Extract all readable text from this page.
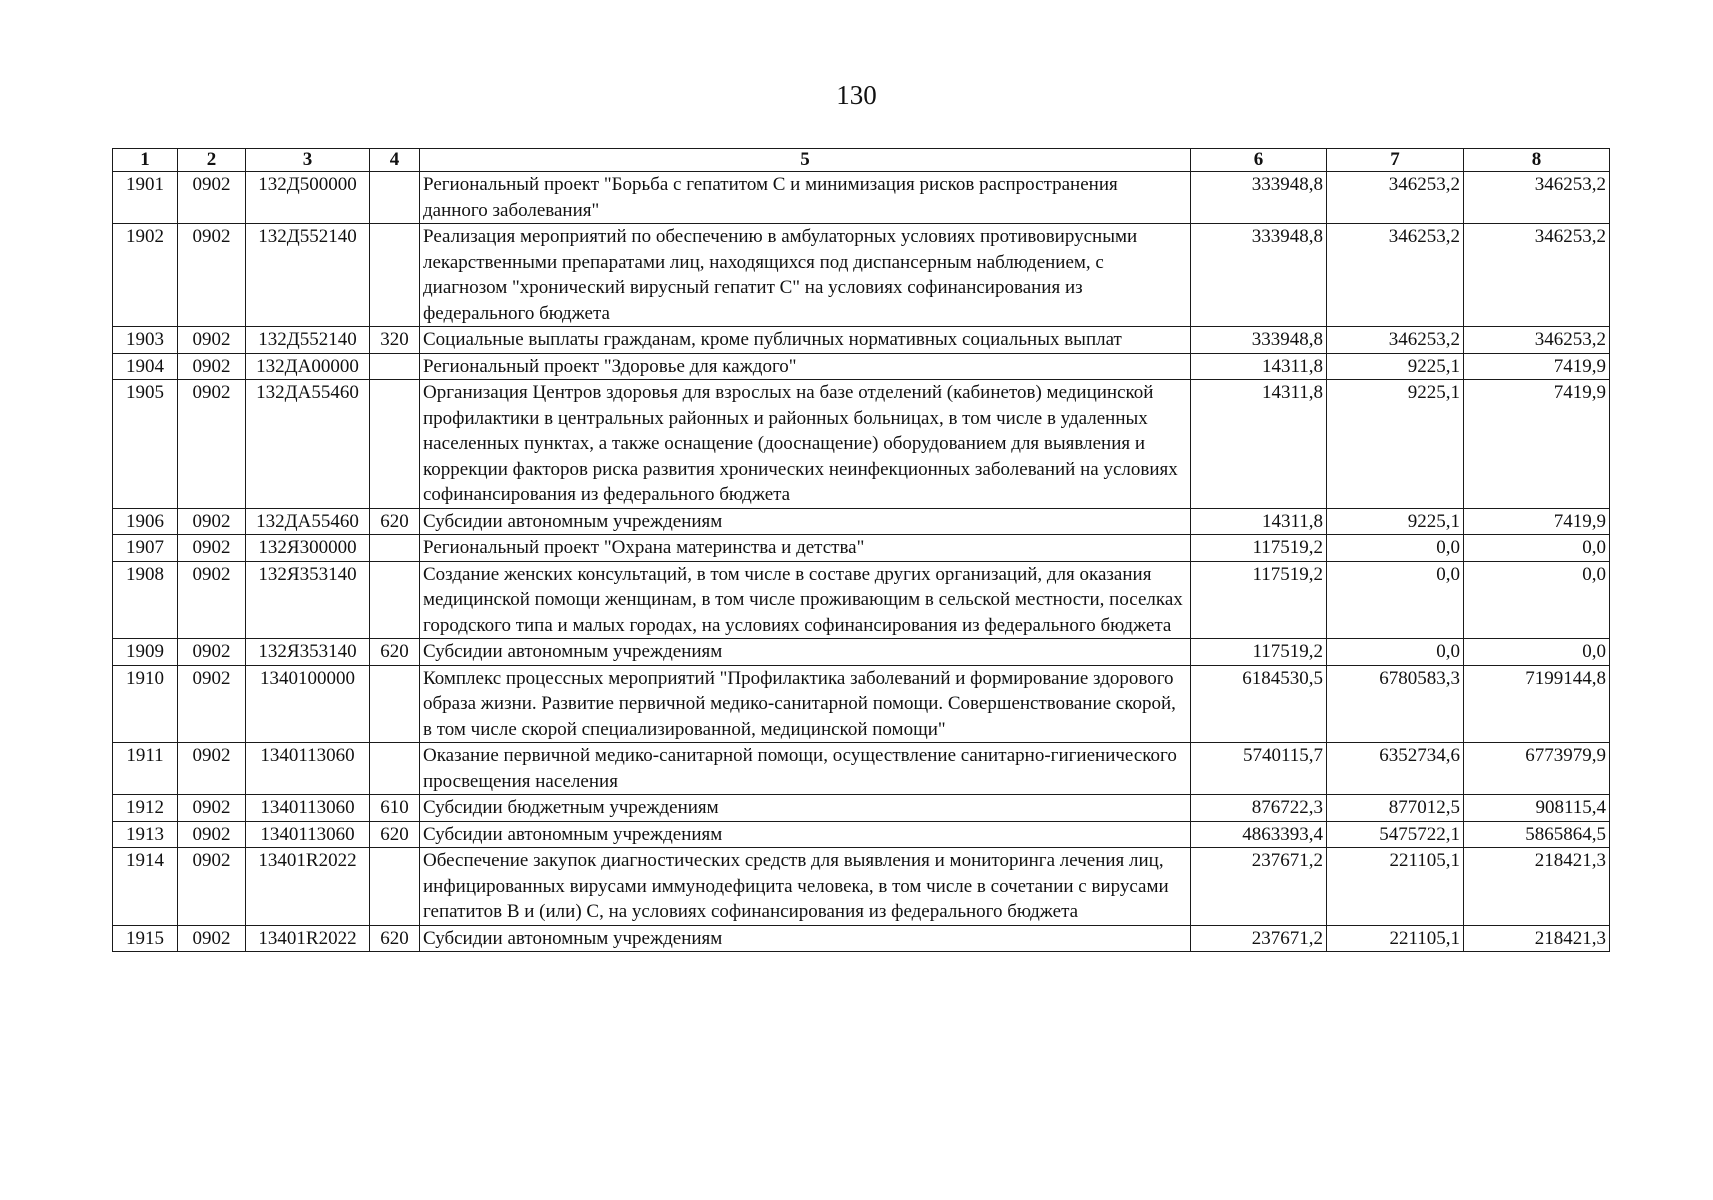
130
1	2	3	4	5	6	7	8
1901	0902	132Д500000		Региональный проект "Борьба с гепатитом С и минимизация рисков распространения данного заболевания"	333948,8	346253,2	346253,2
1902	0902	132Д552140		Реализация мероприятий по обеспечению в амбулаторных условиях противовирусными лекарственными препаратами лиц, находящихся под диспансерным наблюдением, с диагнозом "хронический вирусный гепатит С" на условиях софинансирования из федерального бюджета	333948,8	346253,2	346253,2
1903	0902	132Д552140	320	Социальные выплаты гражданам, кроме публичных нормативных социальных выплат	333948,8	346253,2	346253,2
1904	0902	132ДА00000		Региональный проект "Здоровье для каждого"	14311,8	9225,1	7419,9
1905	0902	132ДА55460		Организация Центров здоровья для взрослых на базе отделений (кабинетов) медицинской профилактики в центральных районных и районных больницах, в том числе в удаленных населенных пунктах, а также оснащение (дооснащение) оборудованием для выявления и коррекции факторов риска развития хронических неинфекционных заболеваний на условиях софинансирования из федерального бюджета	14311,8	9225,1	7419,9
1906	0902	132ДА55460	620	Субсидии автономным учреждениям	14311,8	9225,1	7419,9
1907	0902	132Я300000		Региональный проект "Охрана материнства и детства"	117519,2	0,0	0,0
1908	0902	132Я353140		Создание женских консультаций, в том числе в составе других организаций, для оказания медицинской помощи женщинам, в том числе проживающим в сельской местности, поселках городского типа и малых городах, на условиях софинансирования из федерального бюджета	117519,2	0,0	0,0
1909	0902	132Я353140	620	Субсидии автономным учреждениям	117519,2	0,0	0,0
1910	0902	1340100000		Комплекс процессных мероприятий "Профилактика заболеваний и формирование здорового образа жизни. Развитие первичной медико-санитарной помощи. Совершенствование скорой, в том числе скорой специализированной, медицинской помощи"	6184530,5	6780583,3	7199144,8
1911	0902	1340113060		Оказание первичной медико-санитарной помощи, осуществление санитарно-гигиенического просвещения населения	5740115,7	6352734,6	6773979,9
1912	0902	1340113060	610	Субсидии бюджетным учреждениям	876722,3	877012,5	908115,4
1913	0902	1340113060	620	Субсидии автономным учреждениям	4863393,4	5475722,1	5865864,5
1914	0902	13401R2022		Обеспечение закупок диагностических средств для выявления и мониторинга лечения лиц, инфицированных вирусами иммунодефицита человека, в том числе в сочетании с вирусами гепатитов В и (или) С, на условиях софинансирования из федерального бюджета	237671,2	221105,1	218421,3
1915	0902	13401R2022	620	Субсидии автономным учреждениям	237671,2	221105,1	218421,3
